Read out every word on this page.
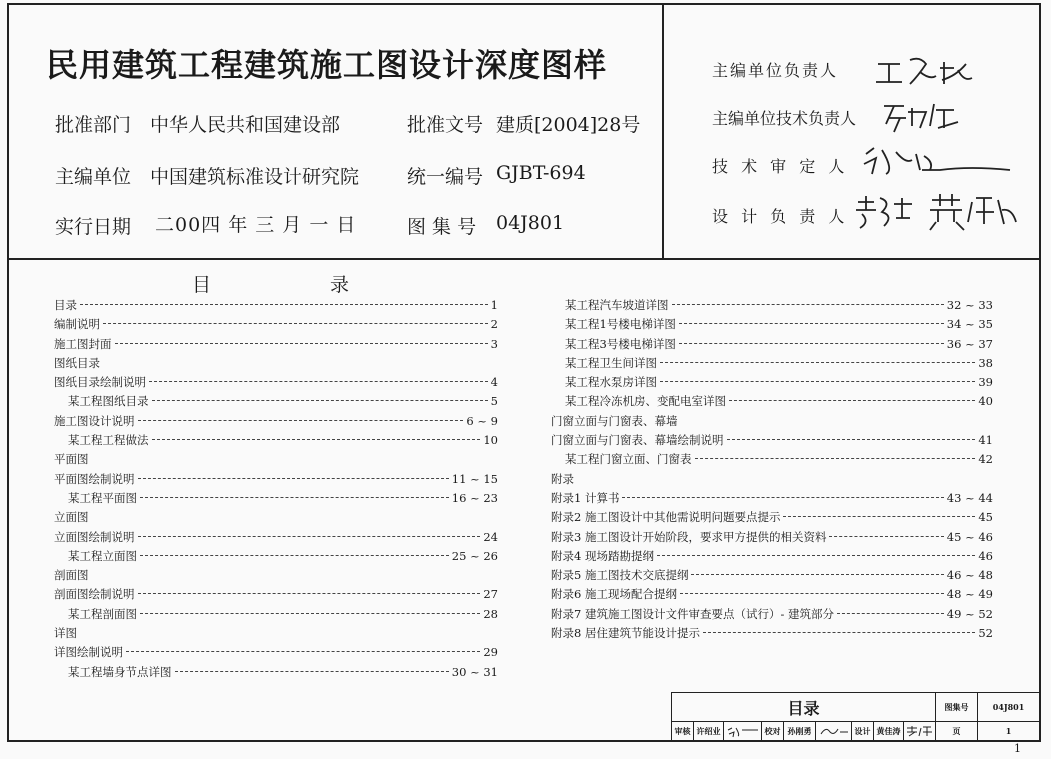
民用建筑工程建筑施工图设计深度图样
批准部门 中华人民共和国建设部	批准文号 建质[2004]28号
主编单位 中国建筑标准设计研究院	统一编号 GJBT-694
实行日期 二00四 年 三 月 一 日	图 集 号 04J801
主编单位负责人
主编单位技术负责人
技 术 审 定 人
设 计 负 责 人
目	录
目录	1
编制说明	2
施工图封面	3
图纸目录
图纸目录绘制说明	4
某工程图纸目录	5
施工图设计说明	6 ~ 9
某工程工程做法	10
平面图
平面图绘制说明	11 ~ 15
某工程平面图	16 ~ 23
立面图
立面图绘制说明	24
某工程立面图	25 ~ 26
剖面图
剖面图绘制说明	27
某工程剖面图	28
详图
详图绘制说明	29
某工程墙身节点详图	30 ~ 31
某工程汽车坡道详图	32 ~ 33
某工程1号楼电梯详图	34 ~ 35
某工程3号楼电梯详图	36 ~ 37
某工程卫生间详图	38
某工程水泵房详图	39
某工程冷冻机房、变配电室详图	40
门窗立面与门窗表、幕墙
门窗立面与门窗表、幕墙绘制说明	41
某工程门窗立面、门窗表	42
附录
附录1 计算书	43 ~ 44
附录2 施工图设计中其他需说明问题要点提示	45
附录3 施工图设计开始阶段，要求甲方提供的相关资料	45 ~ 46
附录4 现场踏勘提纲	46
附录5 施工图技术交底提纲	46 ~ 48
附录6 施工现场配合提纲	48 ~ 49
附录7 建筑施工图设计文件审查要点（试行）- 建筑部分	49 ~ 52
附录8 居住建筑节能设计提示	52
目录	图集号	04J801
审核 许绍业	校对 孙刚勇	设计 黄佳涛	页	1
1
